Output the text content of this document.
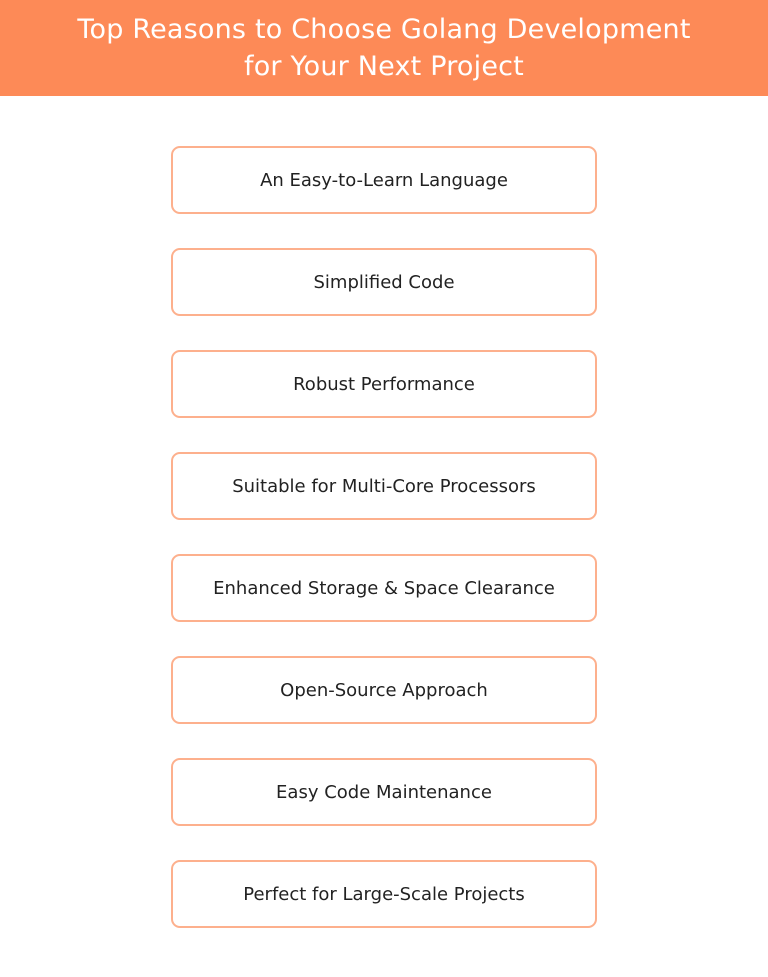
Top Reasons to Choose Golang Development
for Your Next Project
An Easy-to-Learn Language
Simplified Code
Robust Performance
Suitable for Multi-Core Processors
Enhanced Storage & Space Clearance
Open-Source Approach
Easy Code Maintenance
Perfect for Large-Scale Projects
